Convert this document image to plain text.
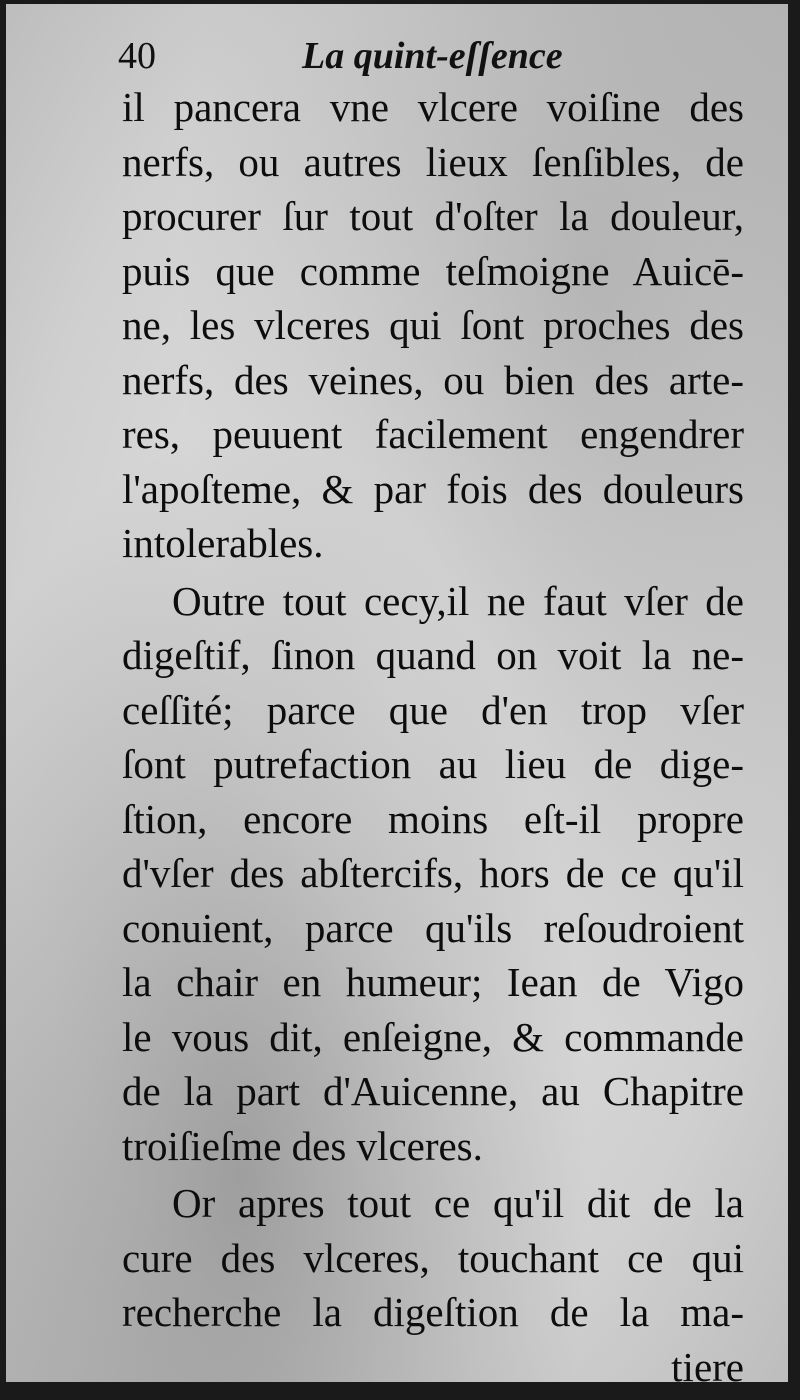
40	La quint-eſſence
il pancera vne vlcere voiſine des
nerfs, ou autres lieux ſenſibles, de
procurer ſur tout d'oſter la douleur,
puis que comme teſmoigne Auicē-
ne, les vlceres qui ſont proches des
nerfs, des veines, ou bien des arte-
res, peuuent facilement engendrer
l'apoſteme, & par fois des douleurs
intolerables.
Outre tout cecy,il ne faut vſer de
digeſtif, ſinon quand on voit la ne-
ceſſité; parce que d'en trop vſer
ſont putrefaction au lieu de dige-
ſtion, encore moins eſt-il propre
d'vſer des abſtercifs, hors de ce qu'il
conuient, parce qu'ils reſoudroient
la chair en humeur; Iean de Vigo
le vous dit, enſeigne, & commande
de la part d'Auicenne, au Chapitre
troiſieſme des vlceres.
Or apres tout ce qu'il dit de la
cure des vlceres, touchant ce qui
recherche la digeſtion de la ma-
tiere
